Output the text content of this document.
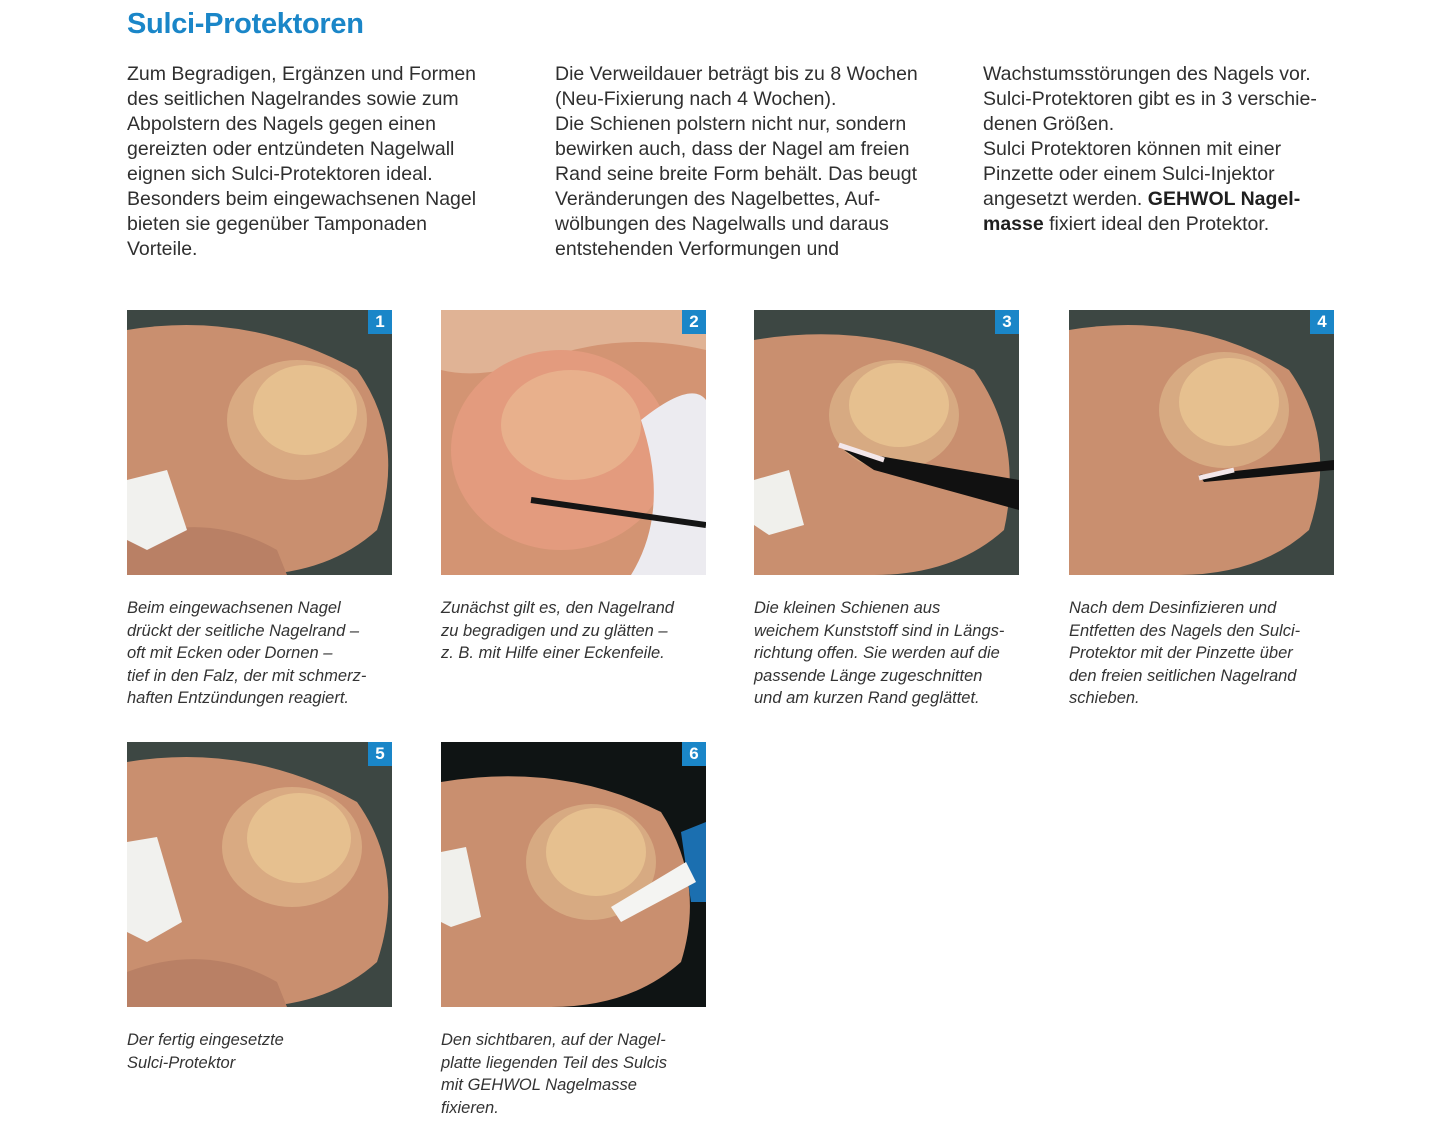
Sulci-Protektoren

Zum Begradigen, Ergänzen und Formen
des seitlichen Nagelrandes sowie zum
Abpolstern des Nagels gegen einen
gereizten oder entzündeten Nagelwall
eignen sich Sulci-Protektoren ideal.
Besonders beim eingewachsenen Nagel
bieten sie gegenüber Tamponaden
Vorteile.

Die Verweildauer beträgt bis zu 8 Wochen
(Neu-Fixierung nach 4 Wochen).
Die Schienen polstern nicht nur, sondern
bewirken auch, dass der Nagel am freien
Rand seine breite Form behält. Das beugt
Veränderungen des Nagelbettes, Auf-
wölbungen des Nagelwalls und daraus
entstehenden Verformungen und

Wachstumsstörungen des Nagels vor.
Sulci-Protektoren gibt es in 3 verschie-
denen Größen.
Sulci Protektoren können mit einer
Pinzette oder einem Sulci-Injektor
angesetzt werden. GEHWOL Nagel-
masse fixiert ideal den Protektor.

1	2	3	4
Beim eingewachsenen Nagel
drückt der seitliche Nagelrand –
oft mit Ecken oder Dornen –
tief in den Falz, der mit schmerz-
haften Entzündungen reagiert.
Zunächst gilt es, den Nagelrand
zu begradigen und zu glätten –
z. B. mit Hilfe einer Eckenfeile.
Die kleinen Schienen aus
weichem Kunststoff sind in Längs-
richtung offen. Sie werden auf die
passende Länge zugeschnitten
und am kurzen Rand geglättet.
Nach dem Desinfizieren und
Entfetten des Nagels den Sulci-
Protektor mit der Pinzette über
den freien seitlichen Nagelrand
schieben.
5	6
Der fertig eingesetzte
Sulci-Protektor
Den sichtbaren, auf der Nagel-
platte liegenden Teil des Sulcis
mit GEHWOL Nagelmasse
fixieren.
